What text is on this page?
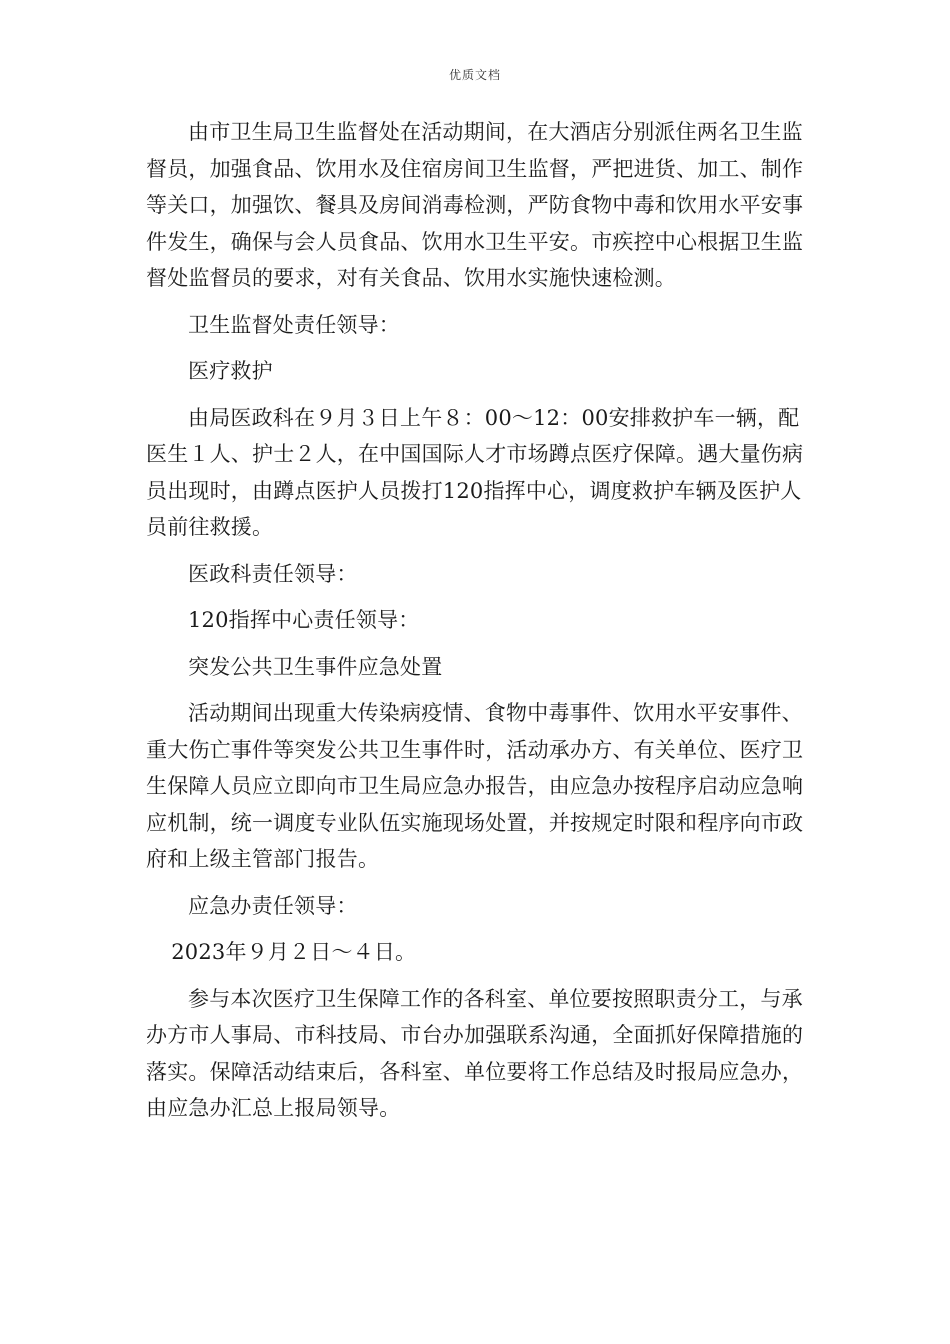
优质文档

由市卫生局卫生监督处在活动期间，在大酒店分别派住两名卫生监督员，加强食品、饮用水及住宿房间卫生监督，严把进货、加工、制作等关口，加强饮、餐具及房间消毒检测，严防食物中毒和饮用水平安事件发生，确保与会人员食品、饮用水卫生平安。市疾控中心根据卫生监督处监督员的要求，对有关食品、饮用水实施快速检测。

卫生监督处责任领导：

医疗救护

由局医政科在９月３日上午８：00～12：00安排救护车一辆，配医生１人、护士２人，在中国国际人才市场蹲点医疗保障。遇大量伤病员出现时，由蹲点医护人员拨打120指挥中心，调度救护车辆及医护人员前往救援。

医政科责任领导：

120指挥中心责任领导：

突发公共卫生事件应急处置

活动期间出现重大传染病疫情、食物中毒事件、饮用水平安事件、重大伤亡事件等突发公共卫生事件时，活动承办方、有关单位、医疗卫生保障人员应立即向市卫生局应急办报告，由应急办按程序启动应急响应机制，统一调度专业队伍实施现场处置，并按规定时限和程序向市政府和上级主管部门报告。

应急办责任领导：

2023年９月２日～４日。

参与本次医疗卫生保障工作的各科室、单位要按照职责分工，与承办方市人事局、市科技局、市台办加强联系沟通，全面抓好保障措施的落实。保障活动结束后，各科室、单位要将工作总结及时报局应急办，由应急办汇总上报局领导。
